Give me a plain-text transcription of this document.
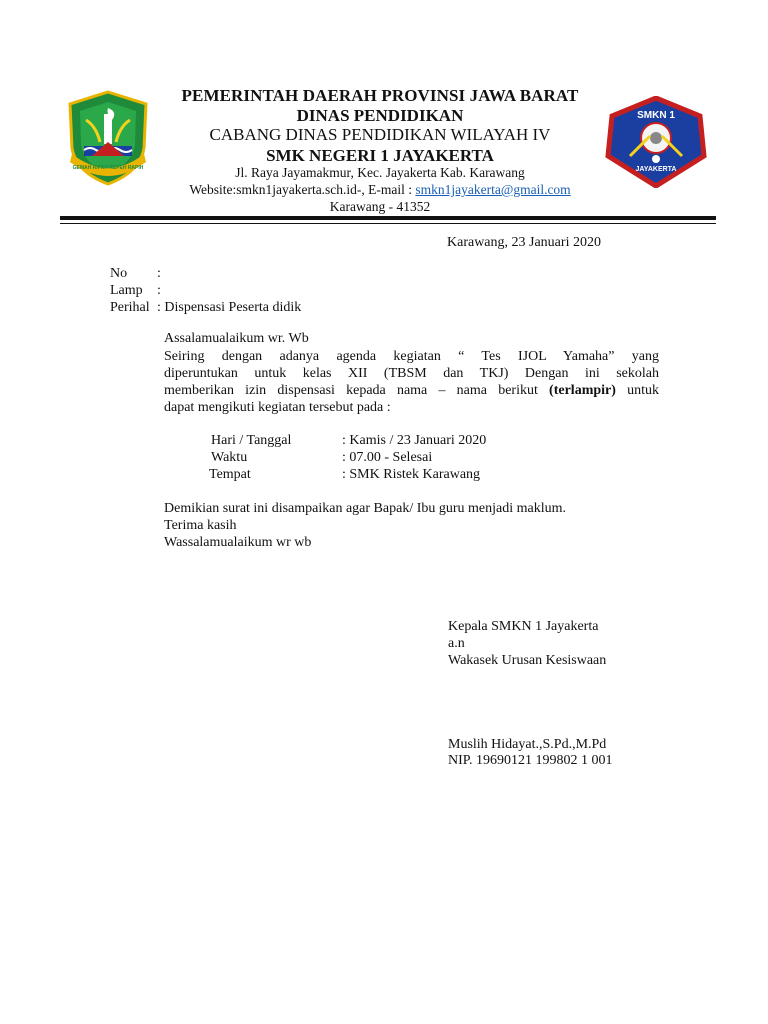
GEMAH RIPAH REPEH RAPIH
SMKN 1
JAYAKERTA
PEMERINTAH DAERAH PROVINSI JAWA BARAT
DINAS PENDIDIKAN
CABANG DINAS PENDIDIKAN WILAYAH IV
SMK NEGERI 1 JAYAKERTA
Jl. Raya Jayamakmur, Kec. Jayakerta Kab. Karawang
Website:smkn1jayakerta.sch.id-, E-mail : smkn1jayakerta@gmail.com
Karawang - 41352
Karawang, 23 Januari 2020
No :
Lamp :
Perihal : Dispensasi Peserta didik
Assalamualaikum wr. Wb
Seiring dengan adanya agenda kegiatan “ Tes IJOL Yamaha” yang
diperuntukan untuk kelas XII (TBSM dan TKJ) Dengan ini sekolah
memberikan izin dispensasi kepada nama – nama berikut (terlampir) untuk
dapat mengikuti kegiatan tersebut pada :
Hari / Tanggal	: Kamis / 23 Januari 2020
Waktu	: 07.00 - Selesai
Tempat	: SMK Ristek Karawang
Demikian surat ini disampaikan agar Bapak/ Ibu guru menjadi maklum.
Terima kasih
Wassalamualaikum wr wb
Kepala SMKN 1 Jayakerta
a.n
Wakasek Urusan Kesiswaan
Muslih Hidayat.,S.Pd.,M.Pd
NIP. 19690121 199802 1 001
